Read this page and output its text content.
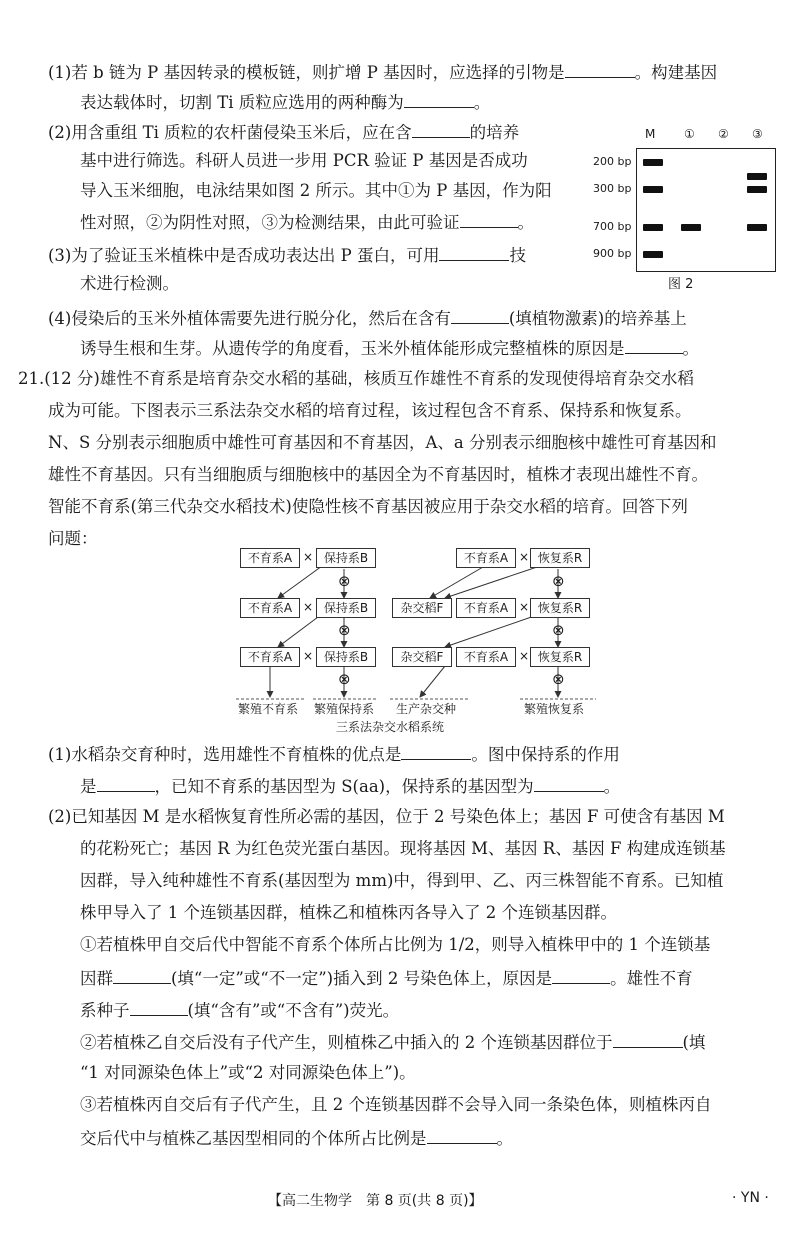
(1)若 b 链为 P 基因转录的模板链，则扩增 P 基因时，应选择的引物是	。构建基因
表达载体时，切割 Ti 质粒应选用的两种酶为	。
(2)用含重组 Ti 质粒的农杆菌侵染玉米后，应在含	的培养
基中进行筛选。科研人员进一步用 PCR 验证 P 基因是否成功
导入玉米细胞，电泳结果如图 2 所示。其中①为 P 基因，作为阳
性对照，②为阴性对照，③为检测结果，由此可验证	。
(3)为了验证玉米植株中是否成功表达出 P 蛋白，可用	技
术进行检测。
(4)侵染后的玉米外植体需要先进行脱分化，然后在含有	(填植物激素)的培养基上
诱导生根和生芽。从遗传学的角度看，玉米外植体能形成完整植株的原因是	。
M ① ② ③
200 bp
300 bp
700 bp
900 bp
图 2
21.(12 分)雄性不育系是培育杂交水稻的基础，核质互作雄性不育系的发现使得培育杂交水稻
成为可能。下图表示三系法杂交水稻的培育过程，该过程包含不育系、保持系和恢复系。
N、S 分别表示细胞质中雄性可育基因和不育基因，A、a 分别表示细胞核中雄性可育基因和
雄性不育基因。只有当细胞质与细胞核中的基因全为不育基因时，植株才表现出雄性不育。
智能不育系(第三代杂交水稻技术)使隐性核不育基因被应用于杂交水稻的培育。回答下列
问题：
不育系A × 保持系B	不育系A × 恢复系R
⊗	⊗
不育系A × 保持系B	杂交稻F	不育系A × 恢复系R
⊗	⊗
不育系A × 保持系B	杂交稻F	不育系A × 恢复系R
⊗	⊗
繁殖不育系 繁殖保持系 生产杂交种	繁殖恢复系
三系法杂交水稻系统
(1)水稻杂交育种时，选用雄性不育植株的优点是	。图中保持系的作用
是	，已知不育系的基因型为 S(aa)，保持系的基因型为	。
(2)已知基因 M 是水稻恢复育性所必需的基因，位于 2 号染色体上；基因 F 可使含有基因 M
的花粉死亡；基因 R 为红色荧光蛋白基因。现将基因 M、基因 R、基因 F 构建成连锁基
因群，导入纯种雄性不育系(基因型为 mm)中，得到甲、乙、丙三株智能不育系。已知植
株甲导入了 1 个连锁基因群，植株乙和植株丙各导入了 2 个连锁基因群。
①若植株甲自交后代中智能不育系个体所占比例为 1/2，则导入植株甲中的 1 个连锁基
因群	(填“一定”或“不一定”)插入到 2 号染色体上，原因是	。雄性不育
系种子	(填“含有”或“不含有”)荧光。
②若植株乙自交后没有子代产生，则植株乙中插入的 2 个连锁基因群位于	(填
“1 对同源染色体上”或“2 对同源染色体上”)。
③若植株丙自交后有子代产生，且 2 个连锁基因群不会导入同一条染色体，则植株丙自
交后代中与植株乙基因型相同的个体所占比例是	。
【高二生物学　第 8 页(共 8 页)】	· YN ·
